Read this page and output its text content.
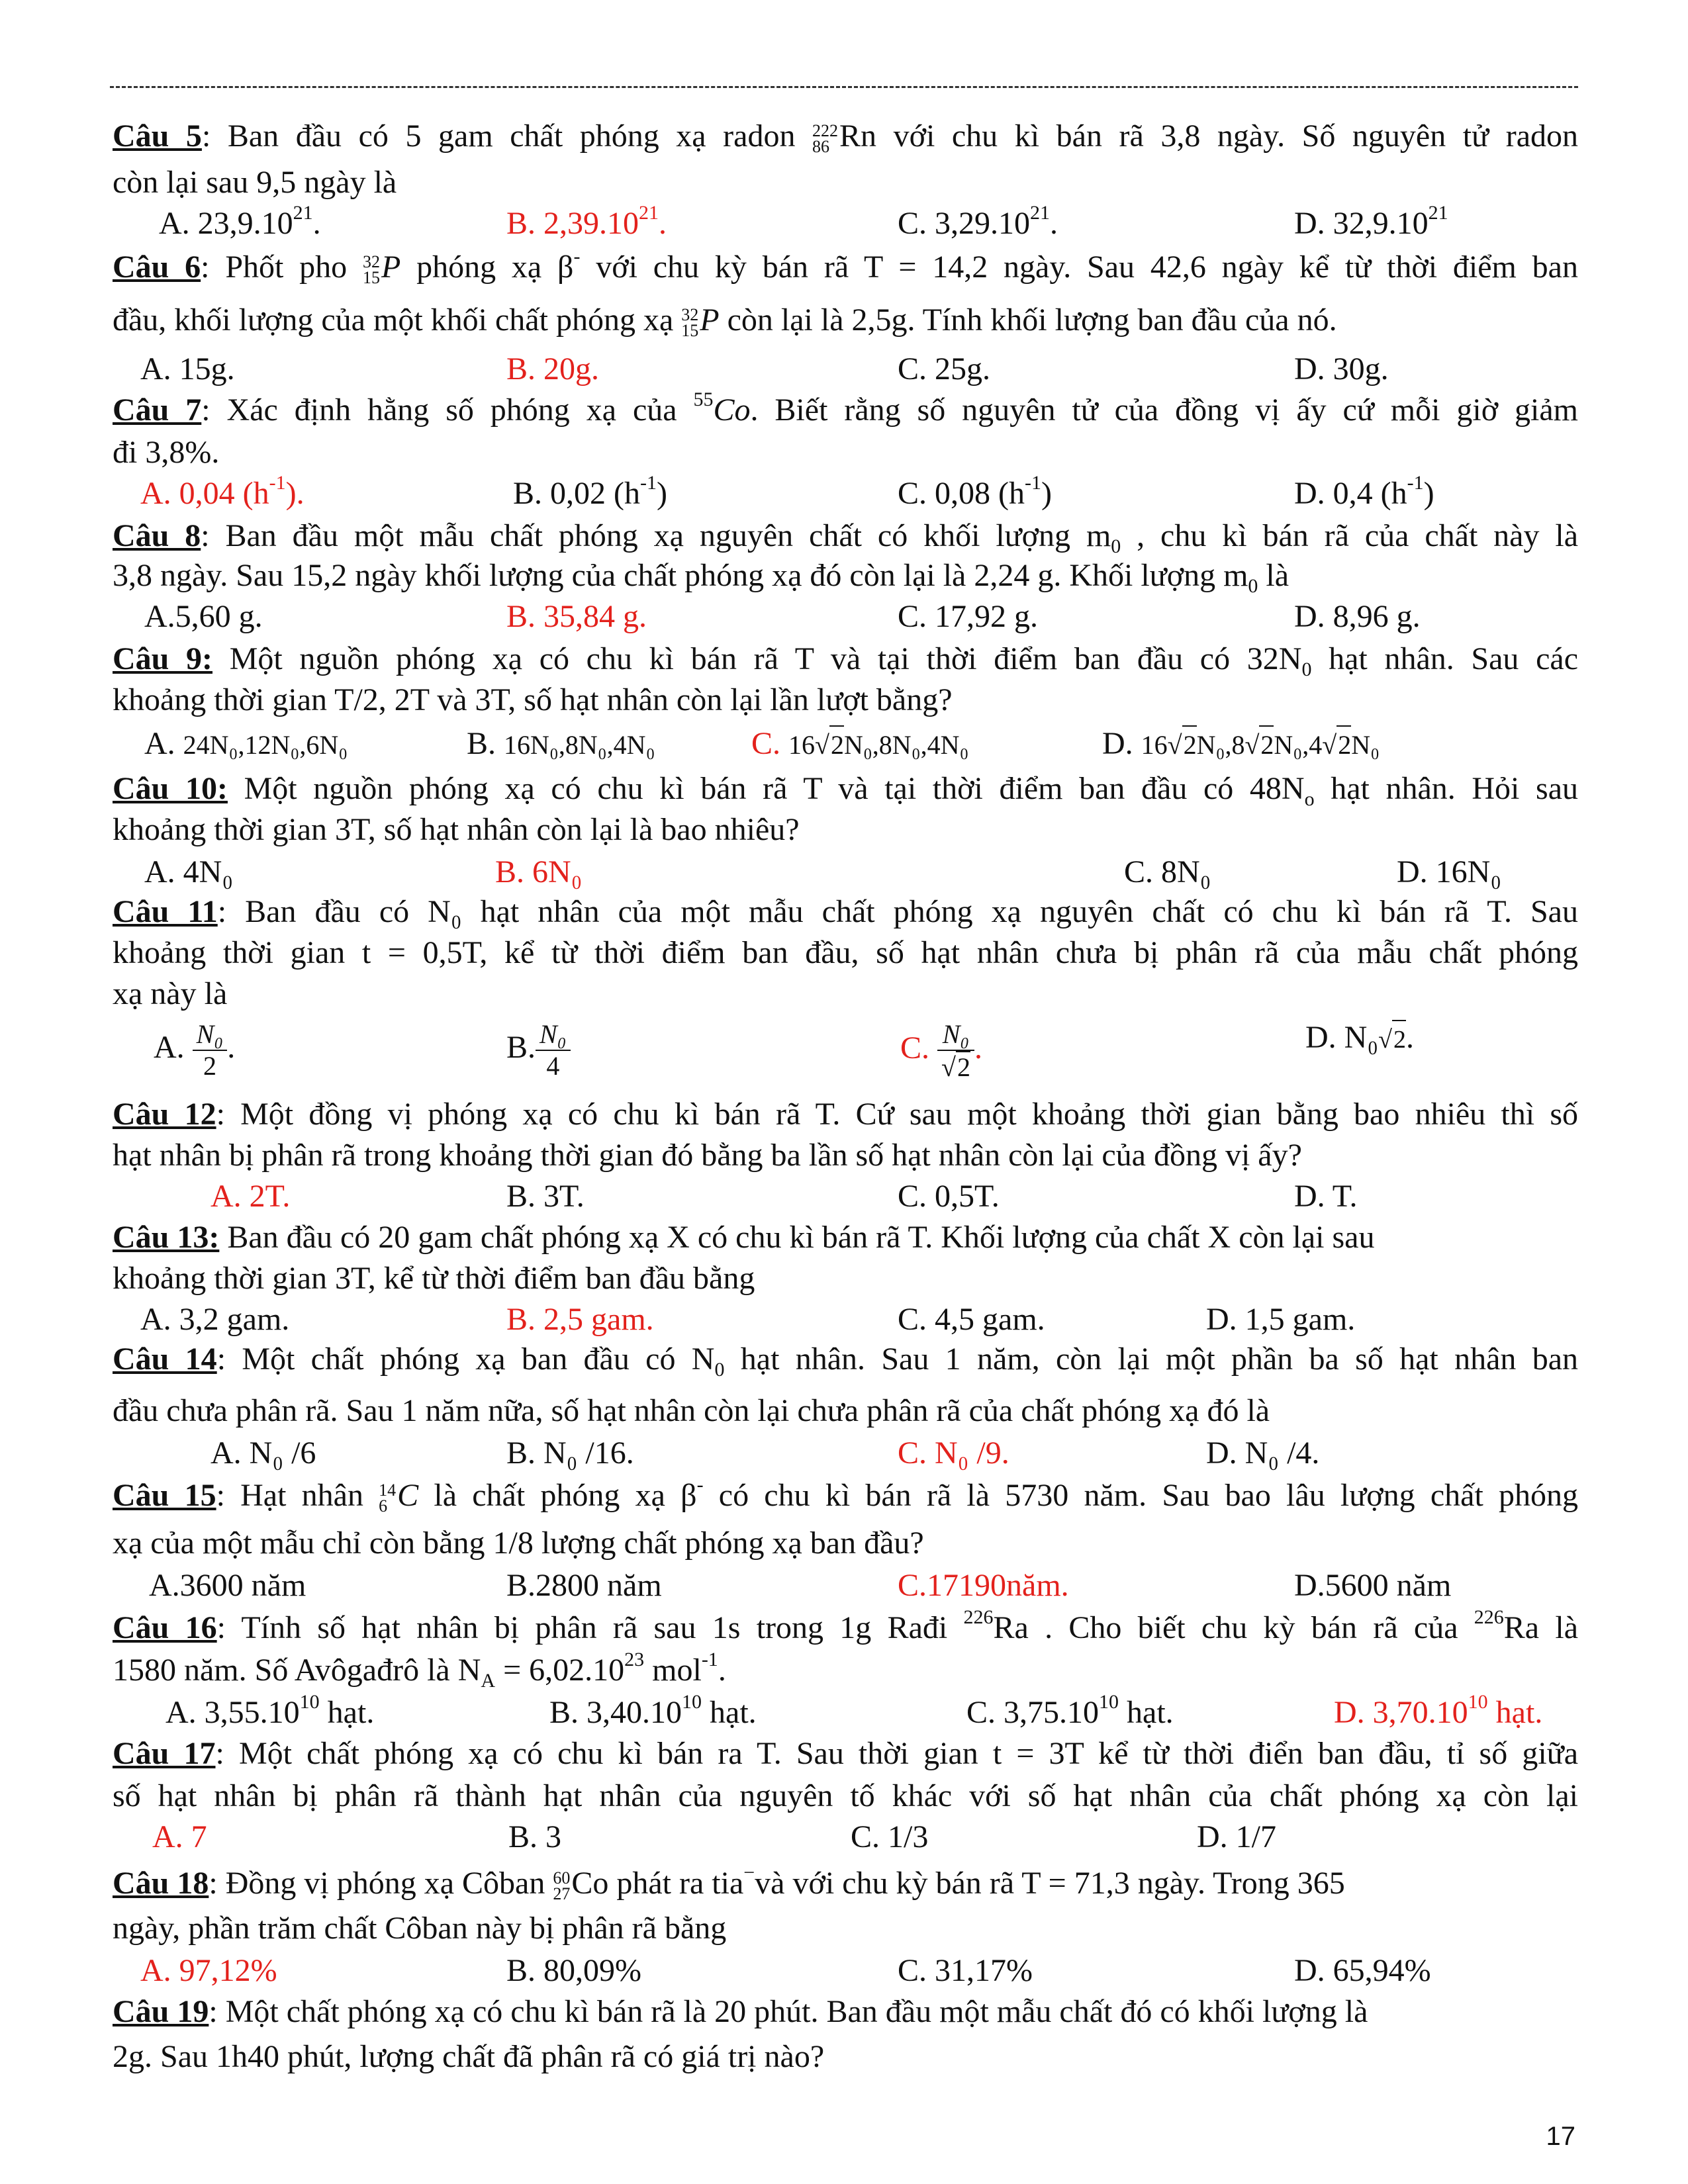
Câu 5: Ban đầu có 5 gam chất phóng xạ radon 222
86 Rn với chu kì bán rã 3,8 ngày. Số nguyên tử radon
còn lại sau 9,5 ngày là
A. 23,9.10$^{21}$.	B. 2,39.10$^{21}$.	C. 3,29.10$^{21}$.	D. 32,9.10$^{21}$
Câu 6: Phốt pho 32
15 P phóng xạ β- với chu kỳ bán rã T = 14,2 ngày. Sau 42,6 ngày kể từ thời điểm ban
đầu, khối lượng của một khối chất phóng xạ 32
15 P còn lại là 2,5g. Tính khối lượng ban đầu của nó.
A. 15g.	B. 20g.	C. 25g.	D. 30g.
Câu 7: Xác định hằng số phóng xạ của $^{55}$Co. Biết rằng số nguyên tử của đồng vị ấy cứ mỗi giờ giảm
đi 3,8%.
A. 0,04 $(h^{-1})$.	B. 0,02 $(h^{-1})$	C. 0,08 $(h^{-1})$	D. 0,4 $(h^{-1})$
Câu 8: Ban đầu một mẫu chất phóng xạ nguyên chất có khối lượng $m_0$ , chu kì bán rã của chất này là
3,8 ngày. Sau 15,2 ngày khối lượng của chất phóng xạ đó còn lại là 2,24 g. Khối lượng $m_0$ là
A.5,60 g.	B. 35,84 g.	C. 17,92 g.	D. 8,96 g.
Câu 9: Một nguồn phóng xạ có chu kì bán rã T và tại thời điểm ban đầu có $32N_0$ hạt nhân. Sau các
khoảng thời gian T/2, 2T và 3T, số hạt nhân còn lại lần lượt bằng?
A. 24N₀,12N₀,6N₀	B. 16N₀,8N₀,4N₀	C. 16√2N₀,8N₀,4N₀	D. 16√2N₀,8√2N₀,4√2N₀
Câu 10: Một nguồn phóng xạ có chu kì bán rã T và tại thời điểm ban đầu có $48N_o$ hạt nhân. Hỏi sau
khoảng thời gian 3T, số hạt nhân còn lại là bao nhiêu?
A. 4N₀	B. 6N₀	C. 8N₀	D. 16N₀
Câu 11: Ban đầu có N₀ hạt nhân của một mẫu chất phóng xạ nguyên chất có chu kì bán rã T. Sau
khoảng thời gian t = 0,5T, kể từ thời điểm ban đầu, số hạt nhân chưa bị phân rã của mẫu chất phóng
xạ này là
A. $\frac{\text{N₀}}{2}$ .	B. $\frac{\text{N₀}}{4}$	C. $\frac{\text{N₀}}{√2}$ .	D. N₀√2.
Câu 12: Một đồng vị phóng xạ có chu kì bán rã T. Cứ sau một khoảng thời gian bằng bao nhiêu thì số
hạt nhân bị phân rã trong khoảng thời gian đó bằng ba lần số hạt nhân còn lại của đồng vị ấy?
A. 2T.	B. 3T.	C. 0,5T.	D. T.
Câu 13: Ban đầu có 20 gam chất phóng xạ X có chu kì bán rã T. Khối lượng của chất X còn lại sau
khoảng thời gian 3T, kể từ thời điểm ban đầu bằng
A. 3,2 gam.	B. 2,5 gam.	C. 4,5 gam.	D. 1,5 gam.
Câu 14: Một chất phóng xạ ban đầu có $N_0$ hạt nhân. Sau 1 năm, còn lại một phần ba số hạt nhân ban
đầu chưa phân rã. Sau 1 năm nữa, số hạt nhân còn lại chưa phân rã của chất phóng xạ đó là
A. N₀ /6	B. N₀ /16.	C. N₀ /9.	D. N₀ /4.
Câu 15: Hạt nhân 14
6 C là chất phóng xạ β- có chu kì bán rã là 5730 năm. Sau bao lâu lượng chất phóng
xạ của một mẫu chỉ còn bằng 1/8 lượng chất phóng xạ ban đầu?
A.3600 năm	B.2800 năm	C.17190năm.	D.5600 năm
Câu 16: Tính số hạt nhân bị phân rã sau 1s trong 1g Rađi $^{226}$Ra . Cho biết chu kỳ bán rã của $^{226}$Ra là
1580 năm. Số Avôgađrô là $N_A = 6,02.10^{23}$ mol$^{-1}$.
A. 3,55.10$^{10}$ hạt.	B. 3,40.10$^{10}$ hạt.	C. 3,75.10$^{10}$ hạt.	D. 3,70.10$^{10}$ hạt.
Câu 17: Một chất phóng xạ có chu kì bán ra T. Sau thời gian t = 3T kể từ thời điển ban đầu, tỉ số giữa
số hạt nhân bị phân rã thành hạt nhân của nguyên tố khác với số hạt nhân của chất phóng xạ còn lại
A. 7	B. 3	C. 1/3	D. 1/7
Câu 18: Đồng vị phóng xạ Côban 60
27 Co phát ra tia−và với chu kỳ bán rã T = 71,3 ngày. Trong 365
ngày, phần trăm chất Côban này bị phân rã bằng
A. 97,12%	B. 80,09%	C. 31,17%	D. 65,94%
Câu 19: Một chất phóng xạ có chu kì bán rã là 20 phút. Ban đầu một mẫu chất đó có khối lượng là
2g. Sau 1h40 phút, lượng chất đã phân rã có giá trị nào?
17
